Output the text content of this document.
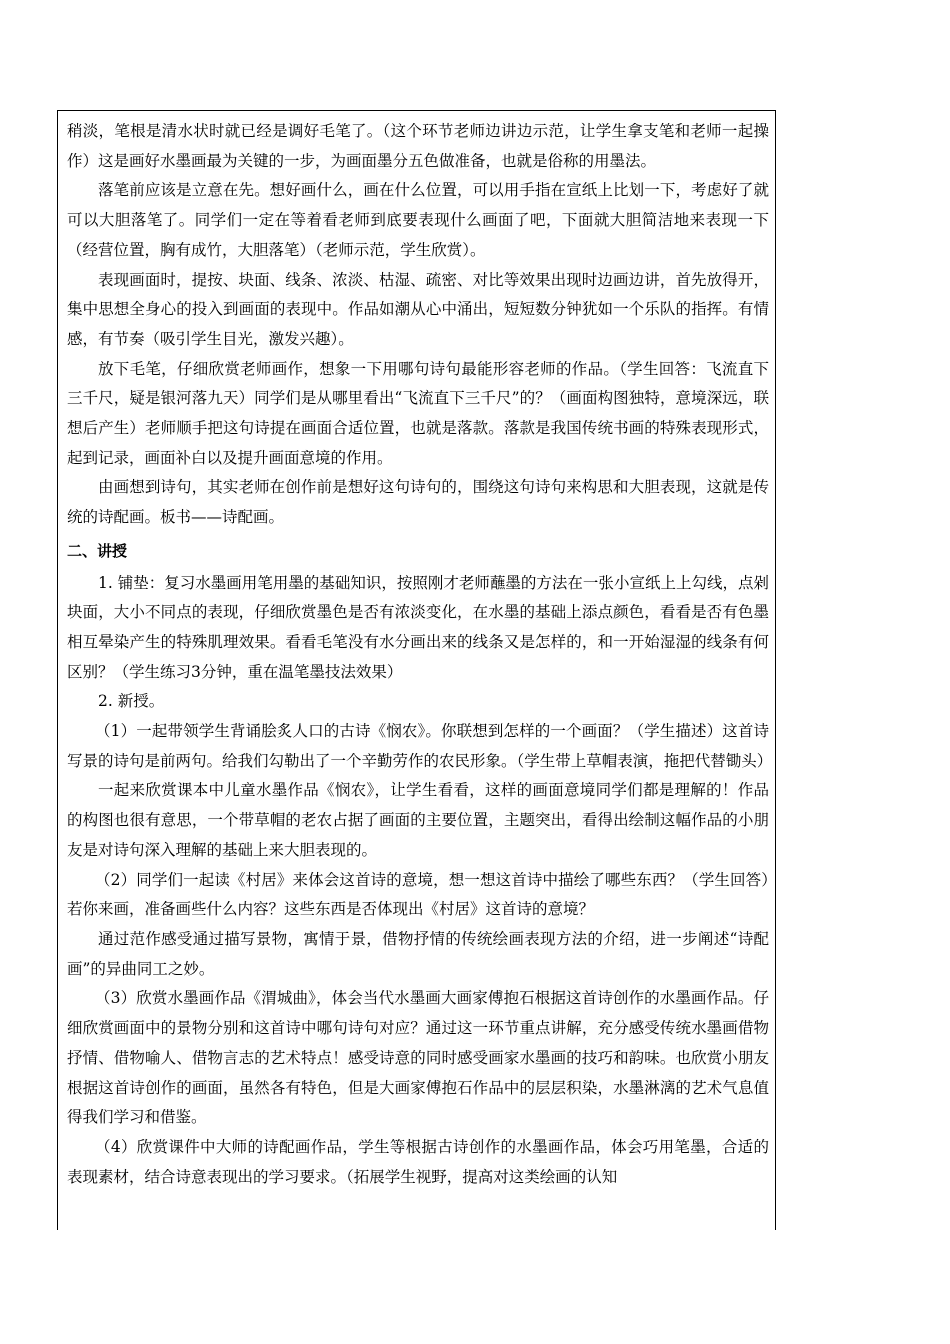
稍淡，笔根是清水状时就已经是调好毛笔了。（这个环节老师边讲边示范，让学生拿支笔和老师一起操作）这是画好水墨画最为关键的一步，为画面墨分五色做准备，也就是俗称的用墨法。

落笔前应该是立意在先。想好画什么，画在什么位置，可以用手指在宣纸上比划一下，考虑好了就可以大胆落笔了。同学们一定在等着看老师到底要表现什么画面了吧，下面就大胆简洁地来表现一下（经营位置，胸有成竹，大胆落笔）（老师示范，学生欣赏）。

表现画面时，提按、块面、线条、浓淡、枯湿、疏密、对比等效果出现时边画边讲，首先放得开，集中思想全身心的投入到画面的表现中。作品如潮从心中涌出，短短数分钟犹如一个乐队的指挥。有情感，有节奏（吸引学生目光，激发兴趣）。

放下毛笔，仔细欣赏老师画作，想象一下用哪句诗句最能形容老师的作品。（学生回答：飞流直下三千尺，疑是银河落九天）同学们是从哪里看出“飞流直下三千尺”的？（画面构图独特，意境深远，联想后产生）老师顺手把这句诗提在画面合适位置，也就是落款。落款是我国传统书画的特殊表现形式，起到记录，画面补白以及提升画面意境的作用。

由画想到诗句，其实老师在创作前是想好这句诗句的，围绕这句诗句来构思和大胆表现，这就是传统的诗配画。板书——诗配画。

二、讲授

1. 铺垫：复习水墨画用笔用墨的基础知识，按照刚才老师蘸墨的方法在一张小宣纸上上勾线，点剁块面，大小不同点的表现，仔细欣赏墨色是否有浓淡变化，在水墨的基础上添点颜色，看看是否有色墨相互晕染产生的特殊肌理效果。看看毛笔没有水分画出来的线条又是怎样的，和一开始湿湿的线条有何区别？（学生练习3分钟，重在温笔墨技法效果）

2. 新授。

（1）一起带领学生背诵脍炙人口的古诗《悯农》。你联想到怎样的一个画面？（学生描述）这首诗写景的诗句是前两句。给我们勾勒出了一个辛勤劳作的农民形象。（学生带上草帽表演，拖把代替锄头）

一起来欣赏课本中儿童水墨作品《悯农》，让学生看看，这样的画面意境同学们都是理解的！作品的构图也很有意思，一个带草帽的老农占据了画面的主要位置，主题突出，看得出绘制这幅作品的小朋友是对诗句深入理解的基础上来大胆表现的。

（2）同学们一起读《村居》来体会这首诗的意境，想一想这首诗中描绘了哪些东西？（学生回答）若你来画，准备画些什么内容？这些东西是否体现出《村居》这首诗的意境？

通过范作感受通过描写景物，寓情于景，借物抒情的传统绘画表现方法的介绍，进一步阐述“诗配画”的异曲同工之妙。

（3）欣赏水墨画作品《渭城曲》，体会当代水墨画大画家傅抱石根据这首诗创作的水墨画作品。仔细欣赏画面中的景物分别和这首诗中哪句诗句对应？通过这一环节重点讲解，充分感受传统水墨画借物抒情、借物喻人、借物言志的艺术特点！感受诗意的同时感受画家水墨画的技巧和韵味。也欣赏小朋友根据这首诗创作的画面，虽然各有特色，但是大画家傅抱石作品中的层层积染，水墨淋漓的艺术气息值得我们学习和借鉴。

（4）欣赏课件中大师的诗配画作品，学生等根据古诗创作的水墨画作品，体会巧用笔墨，合适的表现素材，结合诗意表现出的学习要求。（拓展学生视野，提高对这类绘画的认知
